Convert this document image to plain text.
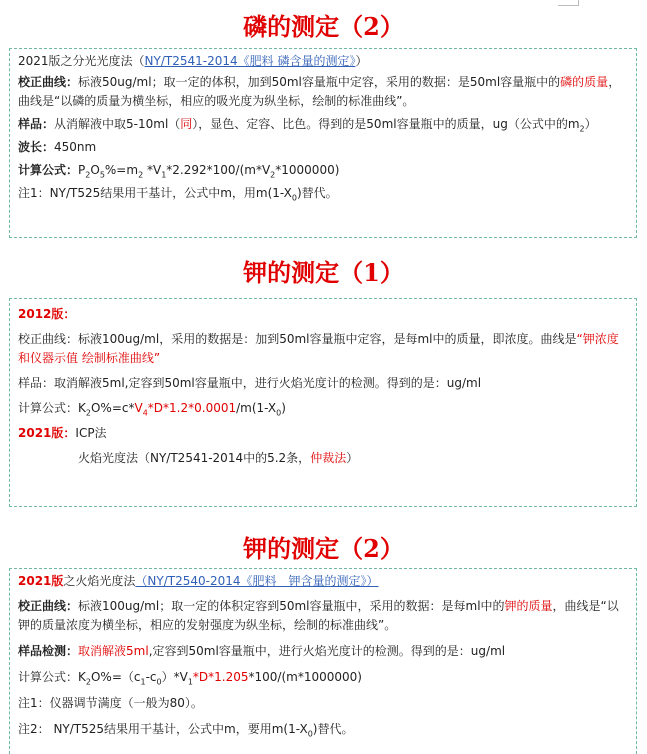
磷的测定（2）

2021版之分光光度法（NY/T2541-2014《肥料 磷含量的测定》）

校正曲线：标液50ug/ml；取一定的体积，加到50ml容量瓶中定容，采用的数据：是50ml容量瓶中的磷的质量，曲线是“以磷的质量为横坐标，相应的吸光度为纵坐标，绘制的标准曲线”。

样品：从消解液中取5-10ml（同），显色、定容、比色。得到的是50ml容量瓶中的质量，ug（公式中的$m_2$）

波长：450nm

计算公式：$P_2O_5\%=m_2$ $*V_1*2.292*100/(m*V_2*1000000)$

注1：NY/T525结果用干基计，公式中m，用$m(1-X_0)$替代。

钾的测定（1）

2012版：

校正曲线：标液100ug/ml，采用的数据是：加到50ml容量瓶中定容，是每ml中的质量，即浓度。曲线是“钾浓度和仪器示值 绘制标准曲线”

样品：取消解液5ml,定容到50ml容量瓶中，进行火焰光度计的检测。得到的是：ug/ml

计算公式：$K_2O\%=c*V_4*D*1.2*0.0001/m(1-X_0)$

2021版：ICP法

火焰光度法（NY/T2541-2014中的5.2条，仲裁法）

钾的测定（2）

2021版之火焰光度法（NY/T2540-2014《肥料　钾含量的测定》）

校正曲线：标液100ug/ml；取一定的体积定容到50ml容量瓶中，采用的数据：是每ml中的钾的质量，曲线是“以钾的质量浓度为横坐标，相应的发射强度为纵坐标，绘制的标准曲线”。

样品检测：取消解液5ml,定容到50ml容量瓶中，进行火焰光度计的检测。得到的是：ug/ml

计算公式：$K_2O\%=(c_1-c_0)*V_1*D*1.205*100/(m*1000000)$

注1：仪器调节满度（一般为80）。

注2： NY/T525结果用干基计，公式中m，要用$m(1-X_0)$替代。
